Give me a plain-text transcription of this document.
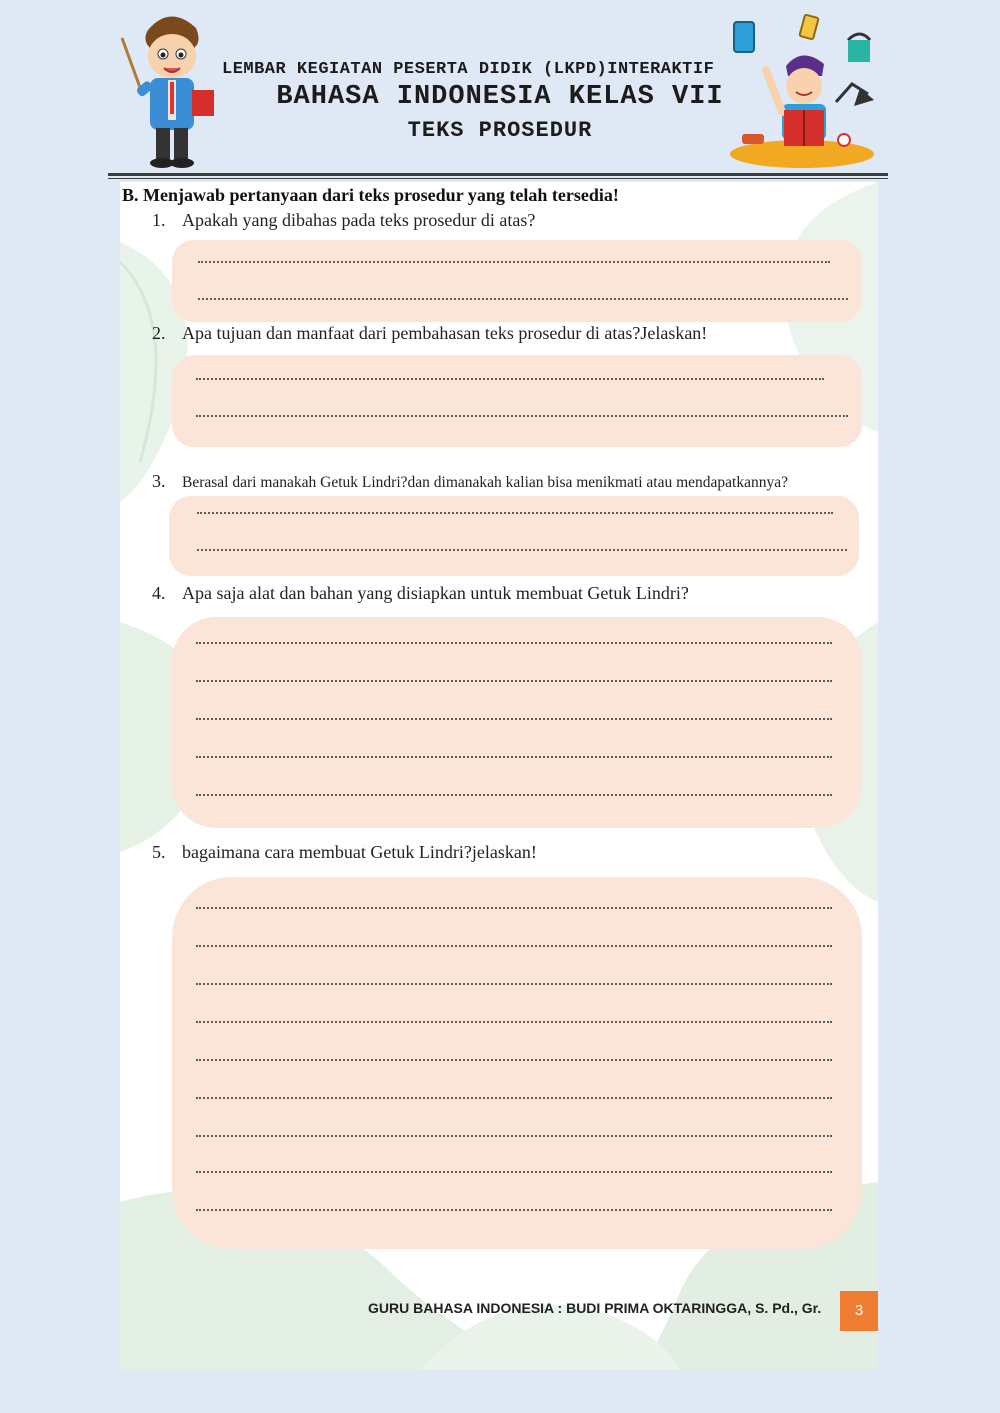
LEMBAR KEGIATAN PESERTA DIDIK (LKPD)INTERAKTIF
BAHASA INDONESIA KELAS VII
TEKS PROSEDUR
B. Menjawab pertanyaan dari teks prosedur yang telah tersedia!
1. Apakah yang dibahas pada teks prosedur di atas?
2. Apa tujuan dan manfaat dari pembahasan teks prosedur di atas?Jelaskan!
3. Berasal dari manakah Getuk Lindri?dan dimanakah kalian bisa menikmati atau mendapatkannya?
4. Apa saja alat dan bahan yang disiapkan untuk membuat Getuk Lindri?
5. bagaimana cara membuat Getuk Lindri?jelaskan!
GURU BAHASA INDONESIA : BUDI PRIMA OKTARINGGA, S. Pd., Gr.	3
